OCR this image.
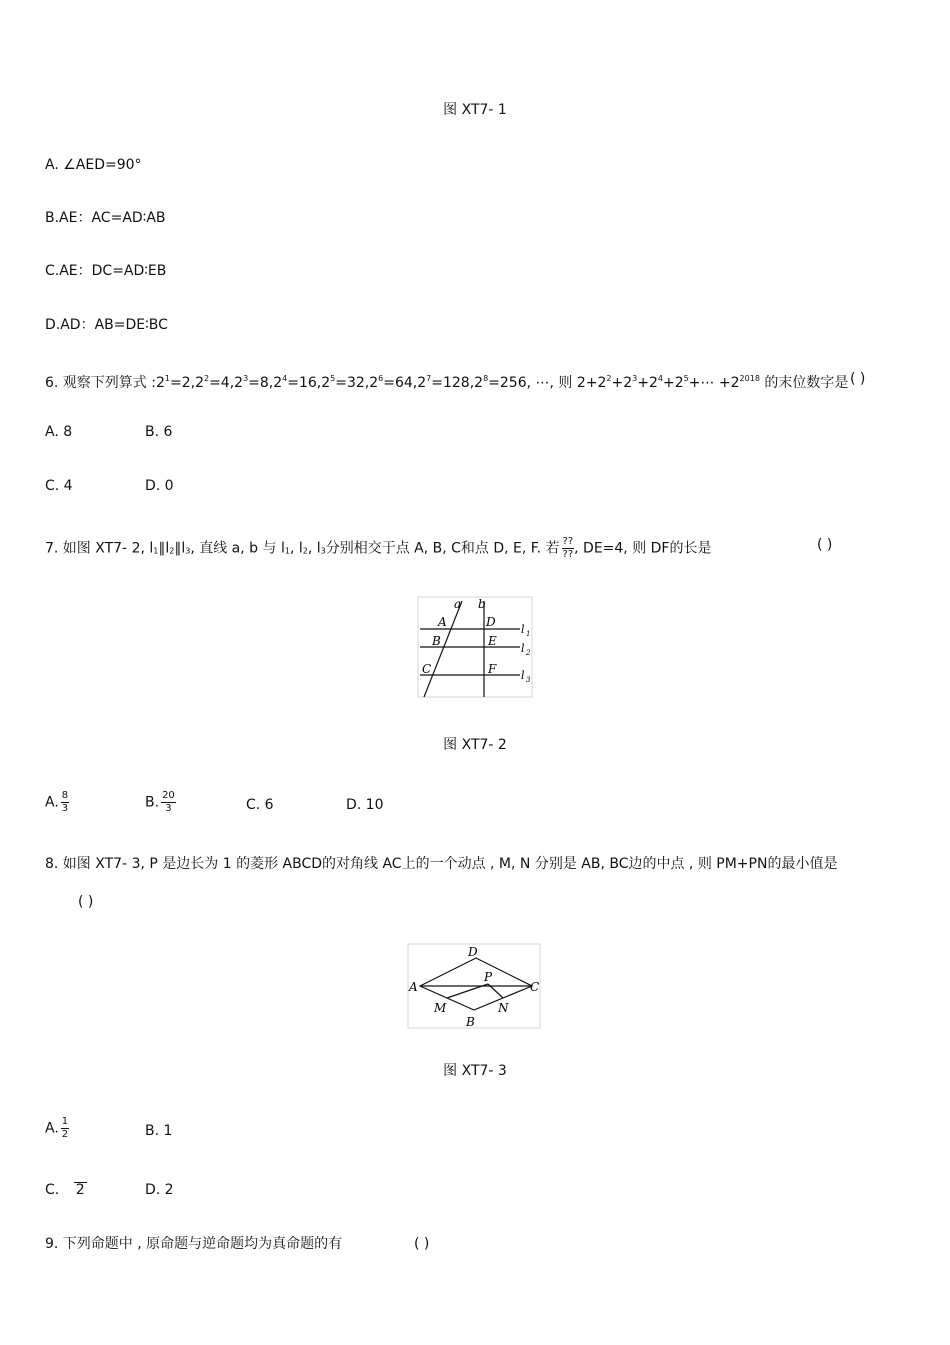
图 XT7- 1
A. ∠AED=90°
B.AE：AC=AD∶AB
C.AE：DC=AD∶EB
D.AD：AB=DE∶BC
6. 观察下列算式 $:2^1=2,2^2=4,2^3=8,2^4=16,2^5=32,2^6=64,2^7=128,2^8=256$, ⋯, 则 $2+2^2+2^3+2^4+2^5+\cdots +2^{2018}$ 的末位数字是 ( )
A. 8	B. 6
C. 4	D. 0
7. 如图 XT7- 2, $l_1\parallel l_2\parallel l_3$, 直线 a, b 与 $l_1$, $l_2$, $l_3$分别相交于点 A, B, C和点 D, E, F. 若 $\frac{??}{??}$ , DE=4, 则 DF的长是	( )
a b
A
B
C
D
E
F
l 1
l 2
l 3
图 XT7- 2
A. $\frac{8}{3}$	B. $\frac{20}{3}$	C. 6	D. 10
8. 如图 XT7- 3, P 是边长为 1 的菱形 ABCD的对角线 AC上的一个动点 , M, N 分别是 AB, BC边的中点 , 则 PM+PN的最小值是
( )
D
A	C
P
M	N
B
图 XT7- 3
A. $\frac{1}{2}$	B. 1
C. 2	D. 2
9. 下列命题中 , 原命题与逆命题均为真命题的有	( )
